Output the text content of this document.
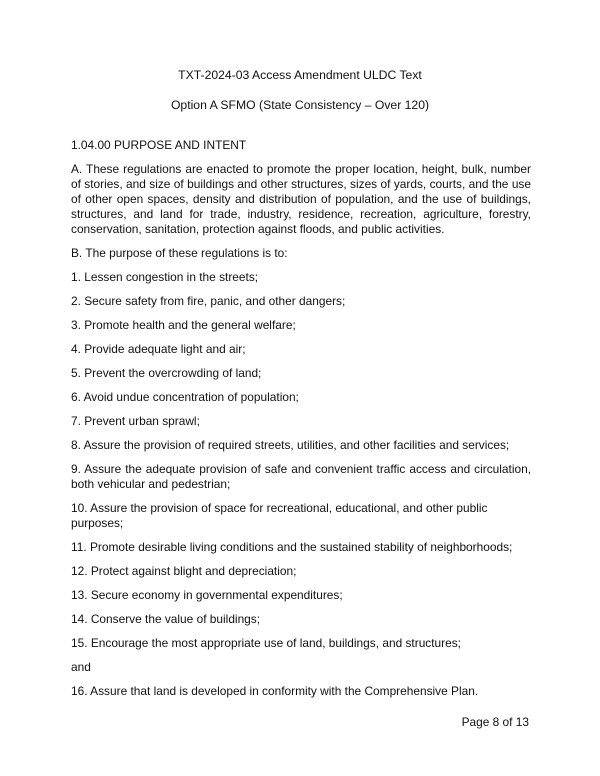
TXT-2024-03 Access Amendment ULDC Text
Option A SFMO (State Consistency – Over 120)
1.04.00 PURPOSE AND INTENT
A. These regulations are enacted to promote the proper location, height, bulk, number of stories, and size of buildings and other structures, sizes of yards, courts, and the use of other open spaces, density and distribution of population, and the use of buildings, structures, and land for trade, industry, residence, recreation, agriculture, forestry, conservation, sanitation, protection against floods, and public activities.
B. The purpose of these regulations is to:
1. Lessen congestion in the streets;
2. Secure safety from fire, panic, and other dangers;
3. Promote health and the general welfare;
4. Provide adequate light and air;
5. Prevent the overcrowding of land;
6. Avoid undue concentration of population;
7. Prevent urban sprawl;
8. Assure the provision of required streets, utilities, and other facilities and services;
9. Assure the adequate provision of safe and convenient traffic access and circulation, both vehicular and pedestrian;
10. Assure the provision of space for recreational, educational, and other public purposes;
11. Promote desirable living conditions and the sustained stability of neighborhoods;
12. Protect against blight and depreciation;
13. Secure economy in governmental expenditures;
14. Conserve the value of buildings;
15. Encourage the most appropriate use of land, buildings, and structures;
and
16. Assure that land is developed in conformity with the Comprehensive Plan.
Page 8 of 13
